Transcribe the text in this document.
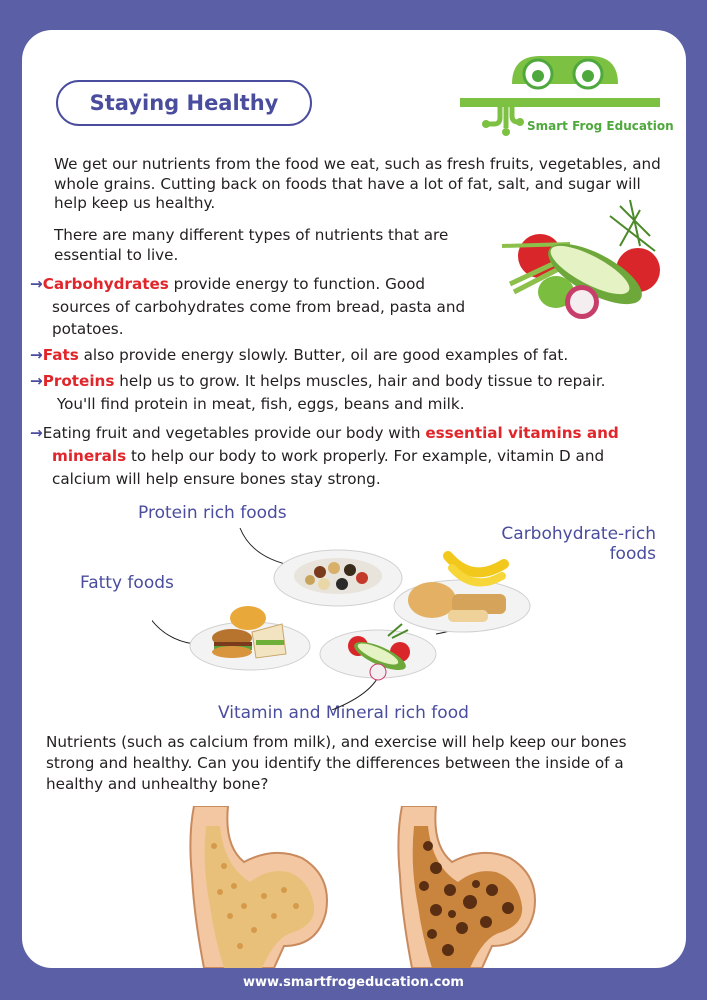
Staying Healthy
Smart Frog Education

We get our nutrients from the food we eat, such as fresh fruits, vegetables, and whole grains. Cutting back on foods that have a lot of fat, salt, and sugar will help keep us healthy.

There are many different types of nutrients that are
essential to live.

→Carbohydrates provide energy to function. Good

sources of carbohydrates come from bread, pasta and

potatoes.

→Fats also provide energy slowly. Butter, oil are good examples of fat.

→Proteins help us to grow. It helps muscles, hair and body tissue to repair.

You'll find protein in meat, fish, eggs, beans and milk.

→Eating fruit and vegetables provide our body with essential vitamins and

minerals to help our body to work properly. For example, vitamin D and

calcium will help ensure bones stay strong.

Protein rich foods
Carbohydrate-rich
foods
Fatty foods
Vitamin and Mineral rich food

Nutrients (such as calcium from milk), and exercise will help keep our bones strong and healthy. Can you identify the differences between the inside of a healthy and unhealthy bone?

www.smartfrogeducation.com
